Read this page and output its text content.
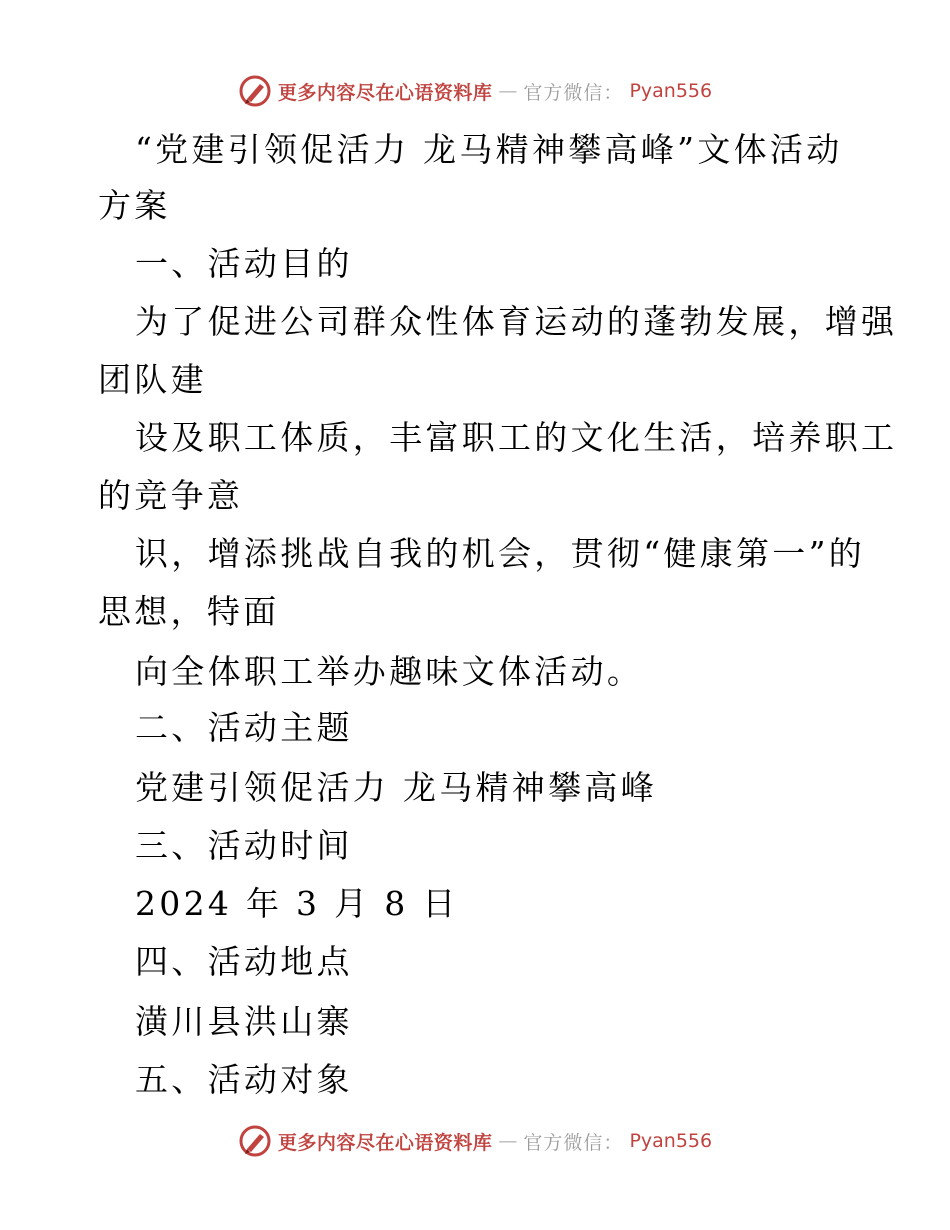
更多内容尽在心语资料库 — 官方微信： Pyan556
“党建引领促活力 龙马精神攀高峰”文体活动
方案
一、活动目的
为了促进公司群众性体育运动的蓬勃发展，增强
团队建
设及职工体质，丰富职工的文化生活，培养职工
的竞争意
识，增添挑战自我的机会，贯彻“健康第一”的
思想，特面
向全体职工举办趣味文体活动。
二、活动主题
党建引领促活力 龙马精神攀高峰
三、活动时间
2024 年 3 月 8 日
四、活动地点
潢川县洪山寨
五、活动对象
更多内容尽在心语资料库 — 官方微信： Pyan556
